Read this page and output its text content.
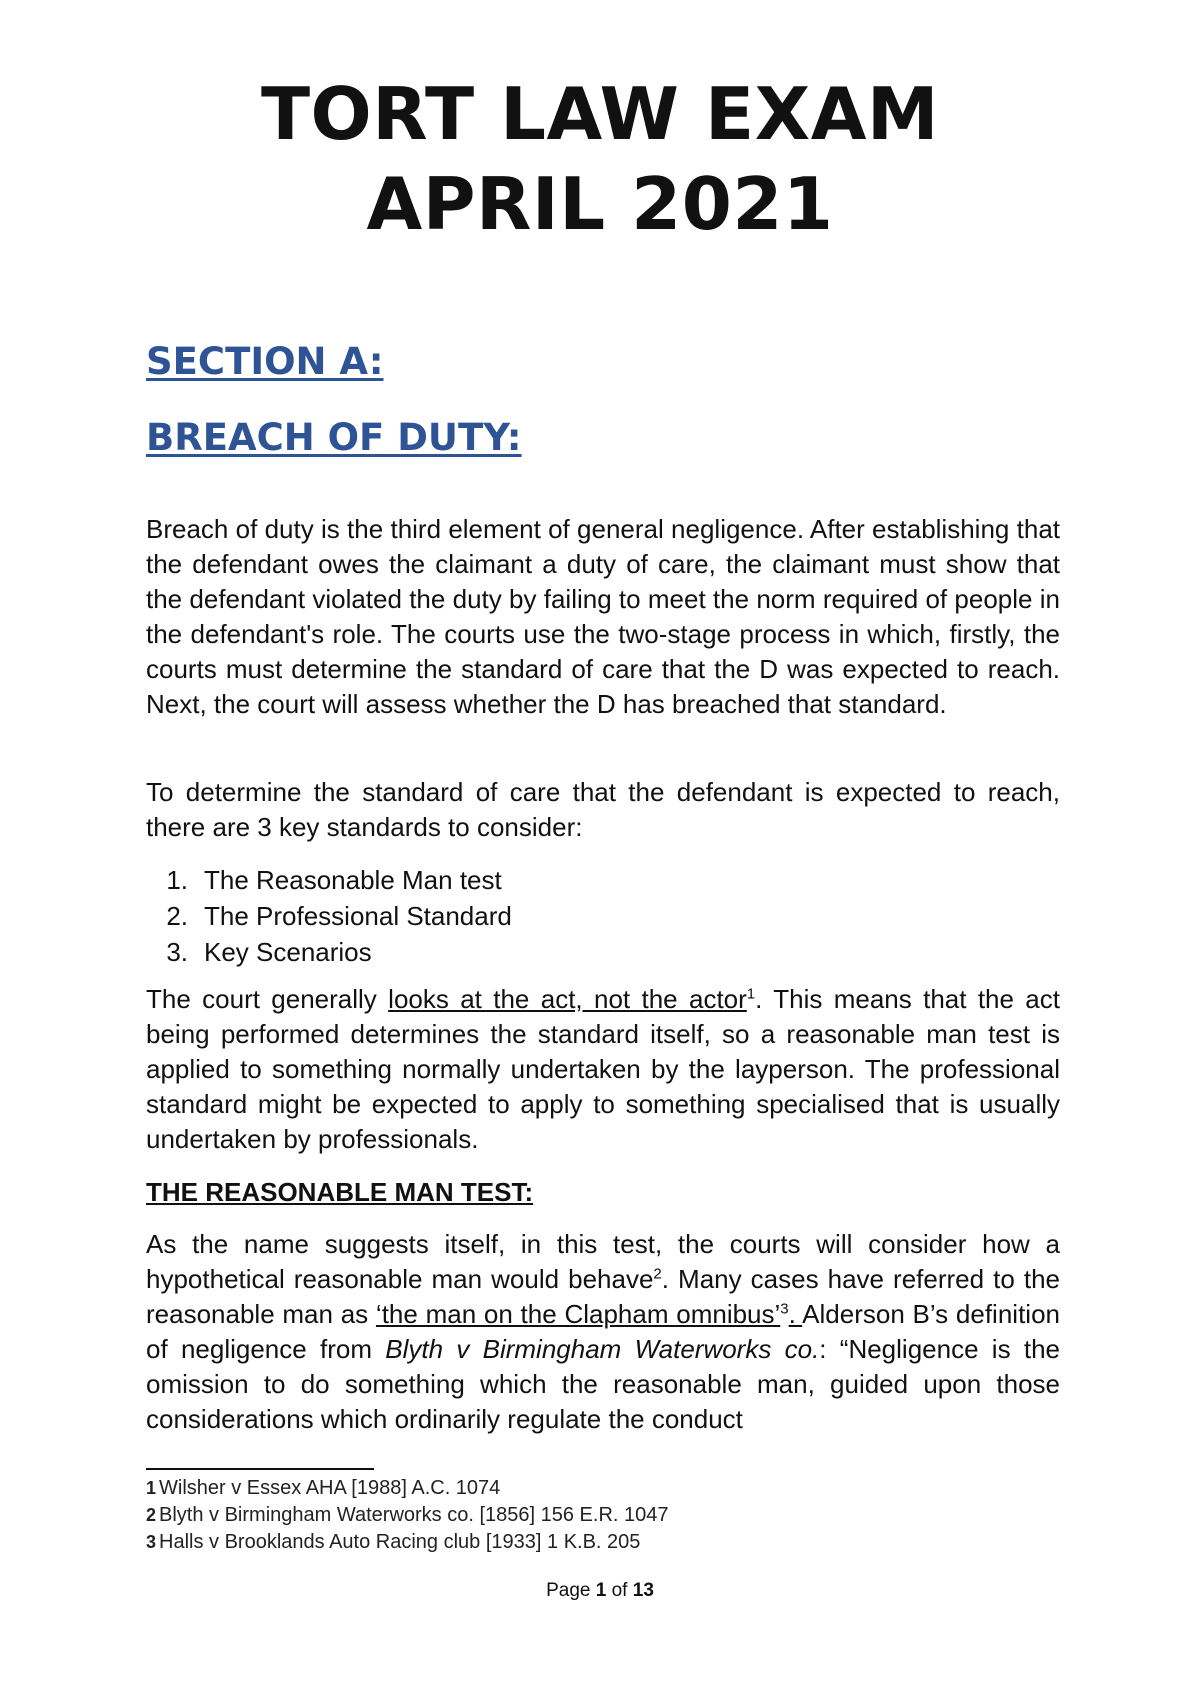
TORT LAW EXAM
APRIL 2021
SECTION A:
BREACH OF DUTY:

Breach of duty is the third element of general negligence. After establishing that the defendant owes the claimant a duty of care, the claimant must show that the defendant violated the duty by failing to meet the norm required of people in the defendant's role. The courts use the two-stage process in which, firstly, the courts must determine the standard of care that the D was expected to reach. Next, the court will assess whether the D has breached that standard.

To determine the standard of care that the defendant is expected to reach, there are 3 key standards to consider:

1. The Reasonable Man test
2. The Professional Standard
3. Key Scenarios

The court generally looks at the act, not the actor$^1$. This means that the act being performed determines the standard itself, so a reasonable man test is applied to something normally undertaken by the layperson. The professional standard might be expected to apply to something specialised that is usually undertaken by professionals.

THE REASONABLE MAN TEST:

As the name suggests itself, in this test, the courts will consider how a hypothetical reasonable man would behave$^2$. Many cases have referred to the reasonable man as ‘the man on the Clapham omnibus’$^3$. Alderson B’s definition of negligence from Blyth v Birmingham Waterworks co.: “Negligence is the omission to do something which the reasonable man, guided upon those considerations which ordinarily regulate the conduct

1 Wilsher v Essex AHA [1988] A.C. 1074
2 Blyth v Birmingham Waterworks co. [1856] 156 E.R. 1047
3 Halls v Brooklands Auto Racing club [1933] 1 K.B. 205
Page 1 of 13
